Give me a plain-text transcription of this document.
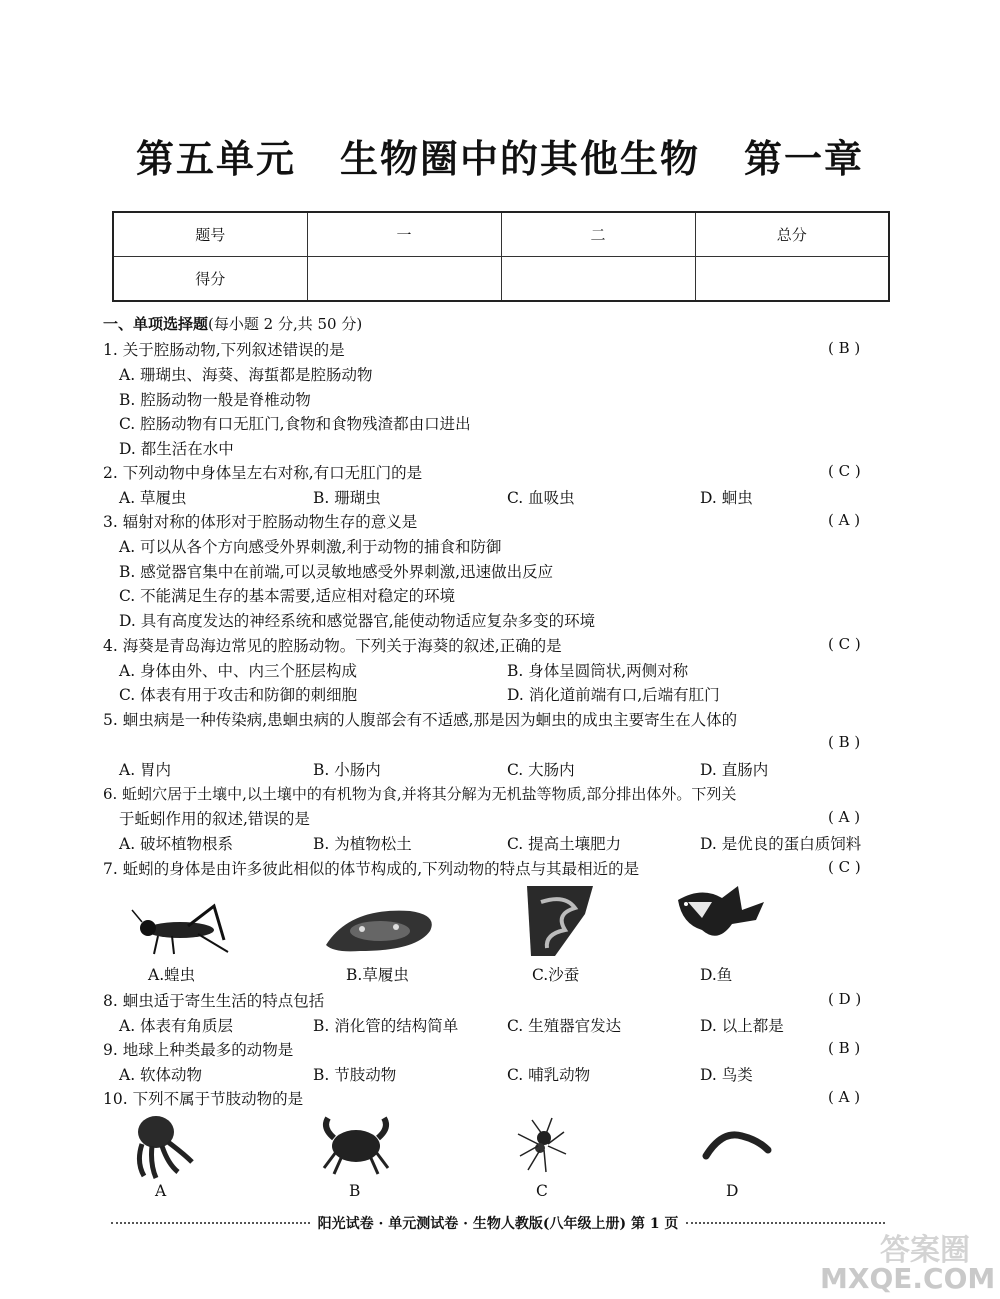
第五单元 生物圈中的其他生物 第一章
题号	一	二	总分
得分			
一、单项选择题(每小题 2 分,共 50 分)
1. 关于腔肠动物,下列叙述错误的是	( B )
A. 珊瑚虫、海葵、海蜇都是腔肠动物
B. 腔肠动物一般是脊椎动物
C. 腔肠动物有口无肛门,食物和食物残渣都由口进出
D. 都生活在水中
2. 下列动物中身体呈左右对称,有口无肛门的是	( C )
A. 草履虫	B. 珊瑚虫	C. 血吸虫	D. 蛔虫
3. 辐射对称的体形对于腔肠动物生存的意义是	( A )
A. 可以从各个方向感受外界刺激,利于动物的捕食和防御
B. 感觉器官集中在前端,可以灵敏地感受外界刺激,迅速做出反应
C. 不能满足生存的基本需要,适应相对稳定的环境
D. 具有高度发达的神经系统和感觉器官,能使动物适应复杂多变的环境
4. 海葵是青岛海边常见的腔肠动物。下列关于海葵的叙述,正确的是	( C )
A. 身体由外、中、内三个胚层构成	B. 身体呈圆筒状,两侧对称
C. 体表有用于攻击和防御的刺细胞	D. 消化道前端有口,后端有肛门
5. 蛔虫病是一种传染病,患蛔虫病的人腹部会有不适感,那是因为蛔虫的成虫主要寄生在人体的
( B )
A. 胃内	B. 小肠内	C. 大肠内	D. 直肠内
6. 蚯蚓穴居于土壤中,以土壤中的有机物为食,并将其分解为无机盐等物质,部分排出体外。下列关
于蚯蚓作用的叙述,错误的是	( A )
A. 破坏植物根系	B. 为植物松土	C. 提高土壤肥力	D. 是优良的蛋白质饲料
7. 蚯蚓的身体是由许多彼此相似的体节构成的,下列动物的特点与其最相近的是	( C )
A.蝗虫	B.草履虫	C.沙蚕	D.鱼
8. 蛔虫适于寄生生活的特点包括	( D )
A. 体表有角质层	B. 消化管的结构简单	C. 生殖器官发达	D. 以上都是
9. 地球上种类最多的动物是	( B )
A. 软体动物	B. 节肢动物	C. 哺乳动物	D. 鸟类
10. 下列不属于节肢动物的是	( A )
A	B	C	D
阳光试卷 · 单元测试卷 · 生物人教版(八年级上册) 第 1 页
答案圈
MXQE.COM
